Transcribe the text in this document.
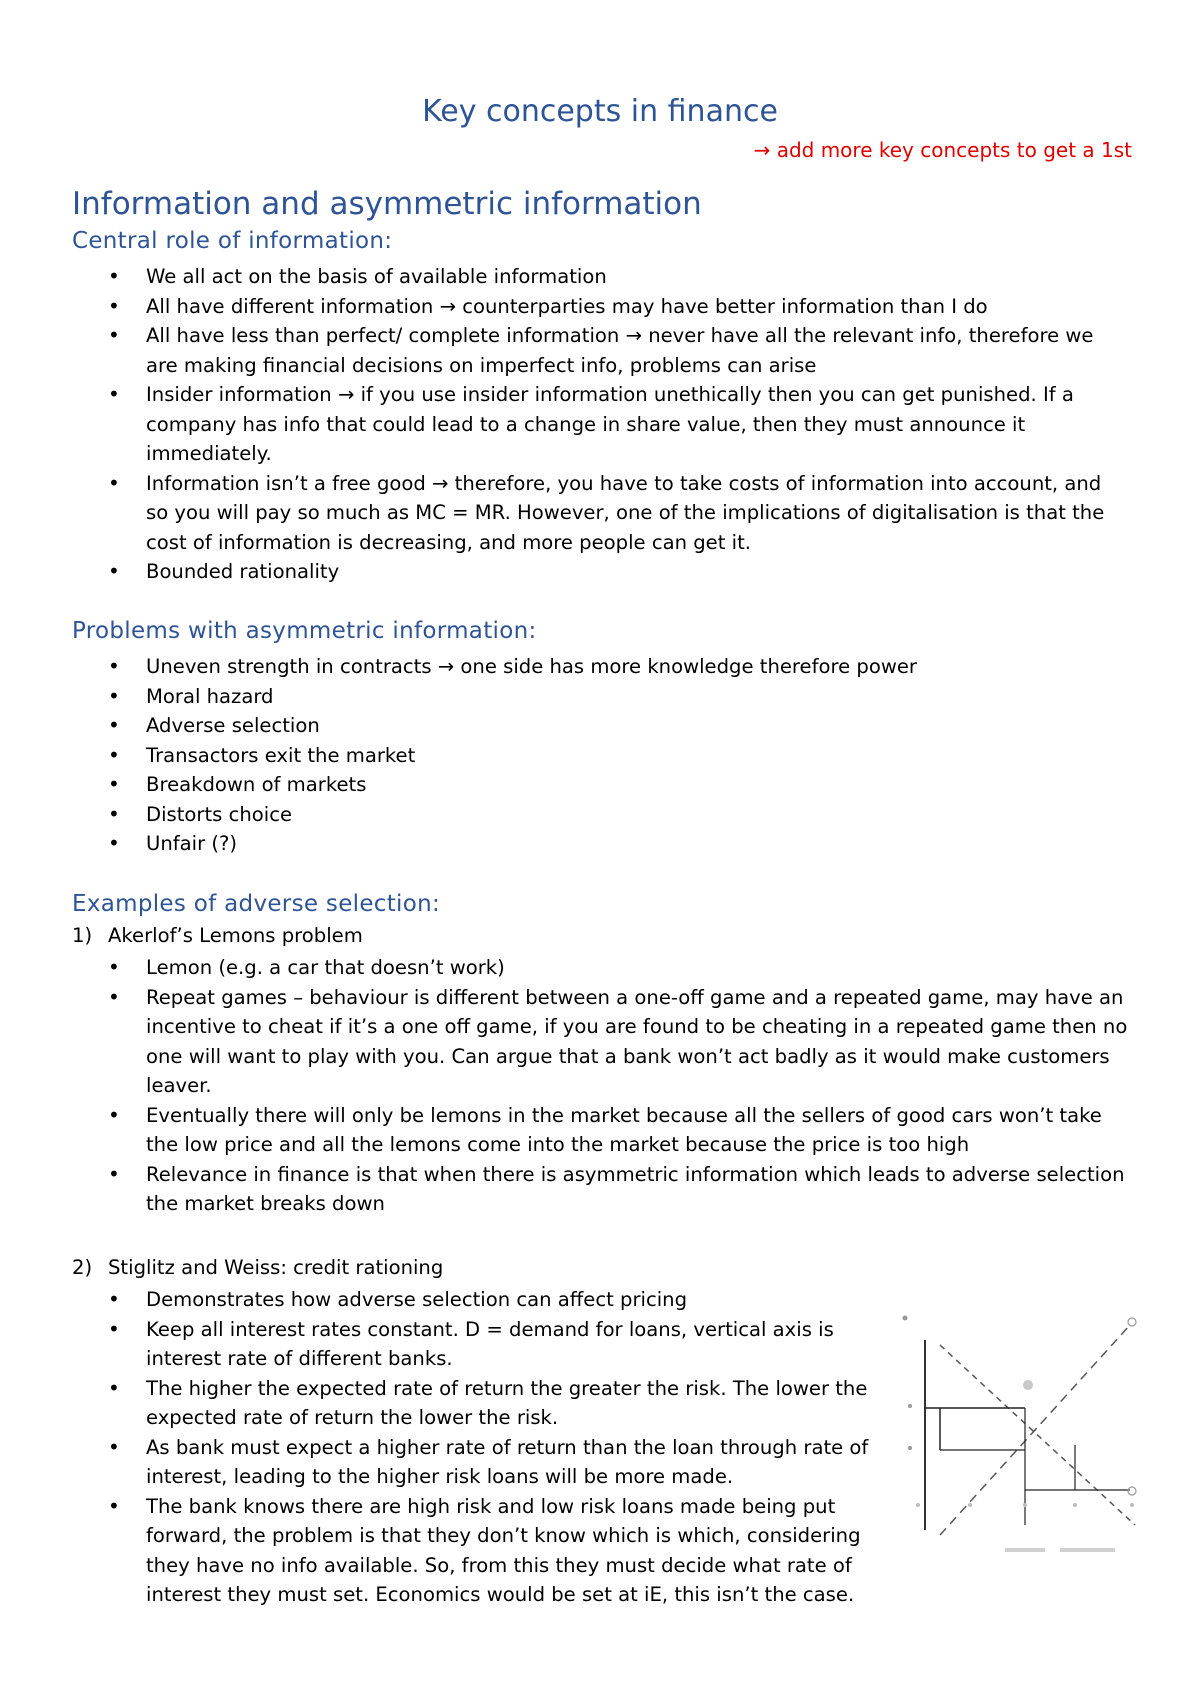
Key concepts in finance
→ add more key concepts to get a 1st
Information and asymmetric information
Central role of information:
• We all act on the basis of available information
• All have different information → counterparties may have better information than I do
• All have less than perfect/ complete information → never have all the relevant info, therefore we are making financial decisions on imperfect info, problems can arise
• Insider information → if you use insider information unethically then you can get punished. If a company has info that could lead to a change in share value, then they must announce it immediately.
• Information isn’t a free good → therefore, you have to take costs of information into account, and so you will pay so much as MC = MR. However, one of the implications of digitalisation is that the cost of information is decreasing, and more people can get it.
• Bounded rationality
Problems with asymmetric information:
• Uneven strength in contracts → one side has more knowledge therefore power
• Moral hazard
• Adverse selection
• Transactors exit the market
• Breakdown of markets
• Distorts choice
• Unfair (?)
Examples of adverse selection:
1) Akerlof’s Lemons problem
• Lemon (e.g. a car that doesn’t work)
• Repeat games – behaviour is different between a one-off game and a repeated game, may have an incentive to cheat if it’s a one off game, if you are found to be cheating in a repeated game then no one will want to play with you. Can argue that a bank won’t act badly as it would make customers leaver.
• Eventually there will only be lemons in the market because all the sellers of good cars won’t take the low price and all the lemons come into the market because the price is too high
• Relevance in finance is that when there is asymmetric information which leads to adverse selection the market breaks down
2) Stiglitz and Weiss: credit rationing
• Demonstrates how adverse selection can affect pricing
• Keep all interest rates constant. D = demand for loans, vertical axis is interest rate of different banks.
• The higher the expected rate of return the greater the risk. The lower the expected rate of return the lower the risk.
• As bank must expect a higher rate of return than the loan through rate of interest, leading to the higher risk loans will be more made.
• The bank knows there are high risk and low risk loans made being put forward, the problem is that they don’t know which is which, considering they have no info available. So, from this they must decide what rate of interest they must set. Economics would be set at iE, this isn’t the case.
